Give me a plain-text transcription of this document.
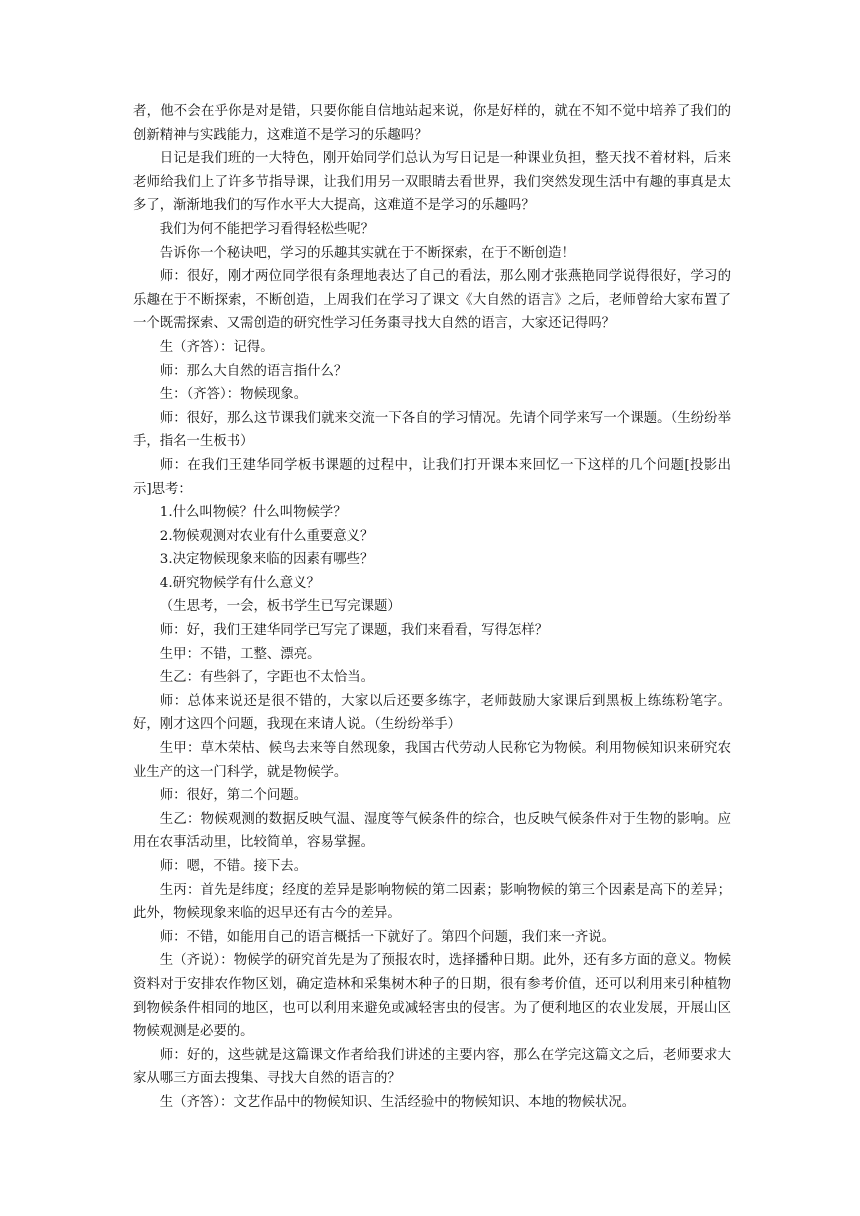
者，他不会在乎你是对是错，只要你能自信地站起来说，你是好样的，就在不知不觉中培养了我们的创新精神与实践能力，这难道不是学习的乐趣吗？

日记是我们班的一大特色，刚开始同学们总认为写日记是一种课业负担，整天找不着材料，后来老师给我们上了许多节指导课，让我们用另一双眼睛去看世界，我们突然发现生活中有趣的事真是太多了，渐渐地我们的写作水平大大提高，这难道不是学习的乐趣吗？

我们为何不能把学习看得轻松些呢？

告诉你一个秘诀吧，学习的乐趣其实就在于不断探索，在于不断创造！

师：很好，刚才两位同学很有条理地表达了自己的看法，那么刚才张燕艳同学说得很好，学习的乐趣在于不断探索，不断创造，上周我们在学习了课文《大自然的语言》之后，老师曾给大家布置了一个既需探索、又需创造的研究性学习任务棗寻找大自然的语言，大家还记得吗？

生（齐答）：记得。

师：那么大自然的语言指什么？

生：（齐答）：物候现象。

师：很好，那么这节课我们就来交流一下各自的学习情况。先请个同学来写一个课题。（生纷纷举手，指名一生板书）

师：在我们王建华同学板书课题的过程中，让我们打开课本来回忆一下这样的几个问题[投影出示]思考：

1.什么叫物候？什么叫物候学？

2.物候观测对农业有什么重要意义？

3.决定物候现象来临的因素有哪些？

4.研究物候学有什么意义？

（生思考，一会，板书学生已写完课题）

师：好，我们王建华同学已写完了课题，我们来看看，写得怎样？

生甲：不错，工整、漂亮。

生乙：有些斜了，字距也不太恰当。

师：总体来说还是很不错的，大家以后还要多练字，老师鼓励大家课后到黑板上练练粉笔字。好，刚才这四个问题，我现在来请人说。（生纷纷举手）

生甲：草木荣枯、候鸟去来等自然现象，我国古代劳动人民称它为物候。利用物候知识来研究农业生产的这一门科学，就是物候学。

师：很好，第二个问题。

生乙：物候观测的数据反映气温、湿度等气候条件的综合，也反映气候条件对于生物的影响。应用在农事活动里，比较简单，容易掌握。

师：嗯，不错。接下去。

生丙：首先是纬度；经度的差异是影响物候的第二因素；影响物候的第三个因素是高下的差异；此外，物候现象来临的迟早还有古今的差异。

师：不错，如能用自己的语言概括一下就好了。第四个问题，我们来一齐说。

生（齐说）：物候学的研究首先是为了预报农时，选择播种日期。此外，还有多方面的意义。物候资料对于安排农作物区划，确定造林和采集树木种子的日期，很有参考价值，还可以利用来引种植物到物候条件相同的地区，也可以利用来避免或减轻害虫的侵害。为了便利地区的农业发展，开展山区物候观测是必要的。

师：好的，这些就是这篇课文作者给我们讲述的主要内容，那么在学完这篇文之后，老师要求大家从哪三方面去搜集、寻找大自然的语言的？

生（齐答）：文艺作品中的物候知识、生活经验中的物候知识、本地的物候状况。
